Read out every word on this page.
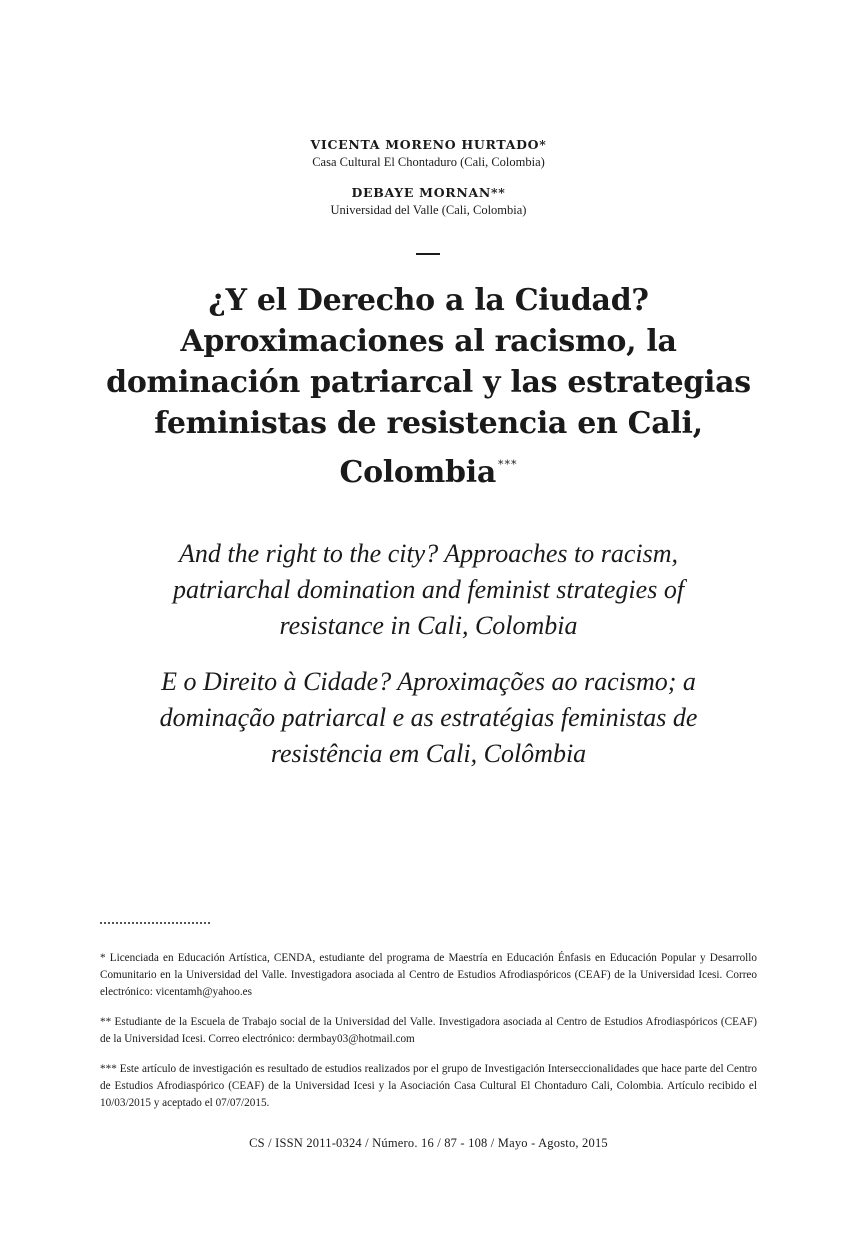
VICENTA MORENO HURTADO*

Casa Cultural El Chontaduro (Cali, Colombia)

DEBAYE MORNAN**

Universidad del Valle (Cali, Colombia)

¿Y el Derecho a la Ciudad?
Aproximaciones al racismo, la
dominación patriarcal y las estrategias
feministas de resistencia en Cali,
Colombia ***
And the right to the city? Approaches to racism,
patriarchal domination and feminist strategies of
resistance in Cali, Colombia
E o Direito à Cidade? Aproximações ao racismo; a
dominação patriarcal e as estratégias feministas de
resistência em Cali, Colômbia

* Licenciada en Educación Artística, CENDA, estudiante del programa de Maestría en Educación Énfasis en Educación Popular y Desarrollo Comunitario en la Universidad del Valle. Investigadora asociada al Centro de Estudios Afrodiaspóricos (CEAF) de la Universidad Icesi. Correo electrónico: vicentamh@yahoo.es

** Estudiante de la Escuela de Trabajo social de la Universidad del Valle. Investigadora asociada al Centro de Estudios Afrodiaspóricos (CEAF) de la Universidad Icesi. Correo electrónico: dermbay03@hotmail.com

*** Este artículo de investigación es resultado de estudios realizados por el grupo de Investigación Interseccionalidades que hace parte del Centro de Estudios Afrodiaspórico (CEAF) de la Universidad Icesi y la Asociación Casa Cultural El Chontaduro Cali, Colombia. Artículo recibido el 10/03/2015 y aceptado el 07/07/2015.

CS / ISSN 2011-0324 / Número. 16 / 87 - 108 / Mayo - Agosto, 2015
